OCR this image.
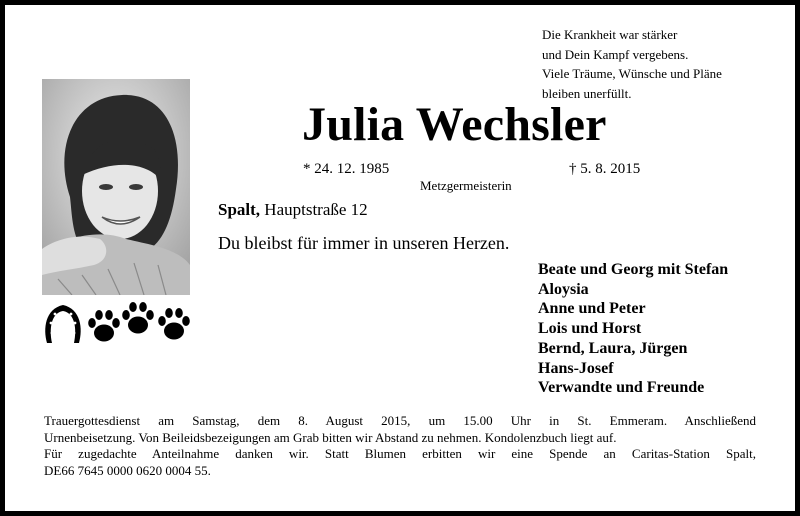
Die Krankheit war stärker
und Dein Kampf vergebens.
Viele Träume, Wünsche und Pläne
bleiben unerfüllt.
Julia Wechsler
* 24. 12. 1985	† 5. 8. 2015
Metzgermeisterin
Spalt, Hauptstraße 12
Du bleibst für immer in unseren Herzen.
Beate und Georg mit Stefan
Aloysia
Anne und Peter
Lois und Horst
Bernd, Laura, Jürgen
Hans-Josef
Verwandte und Freunde
Trauergottesdienst am Samstag, dem 8. August 2015, um 15.00 Uhr in St. Emmeram. Anschließend
Urnenbeisetzung. Von Beileidsbezeigungen am Grab bitten wir Abstand zu nehmen. Kondolenzbuch liegt auf.
Für zugedachte Anteilnahme danken wir. Statt Blumen erbitten wir eine Spende an Caritas-Station Spalt,
DE66 7645 0000 0620 0004 55.
